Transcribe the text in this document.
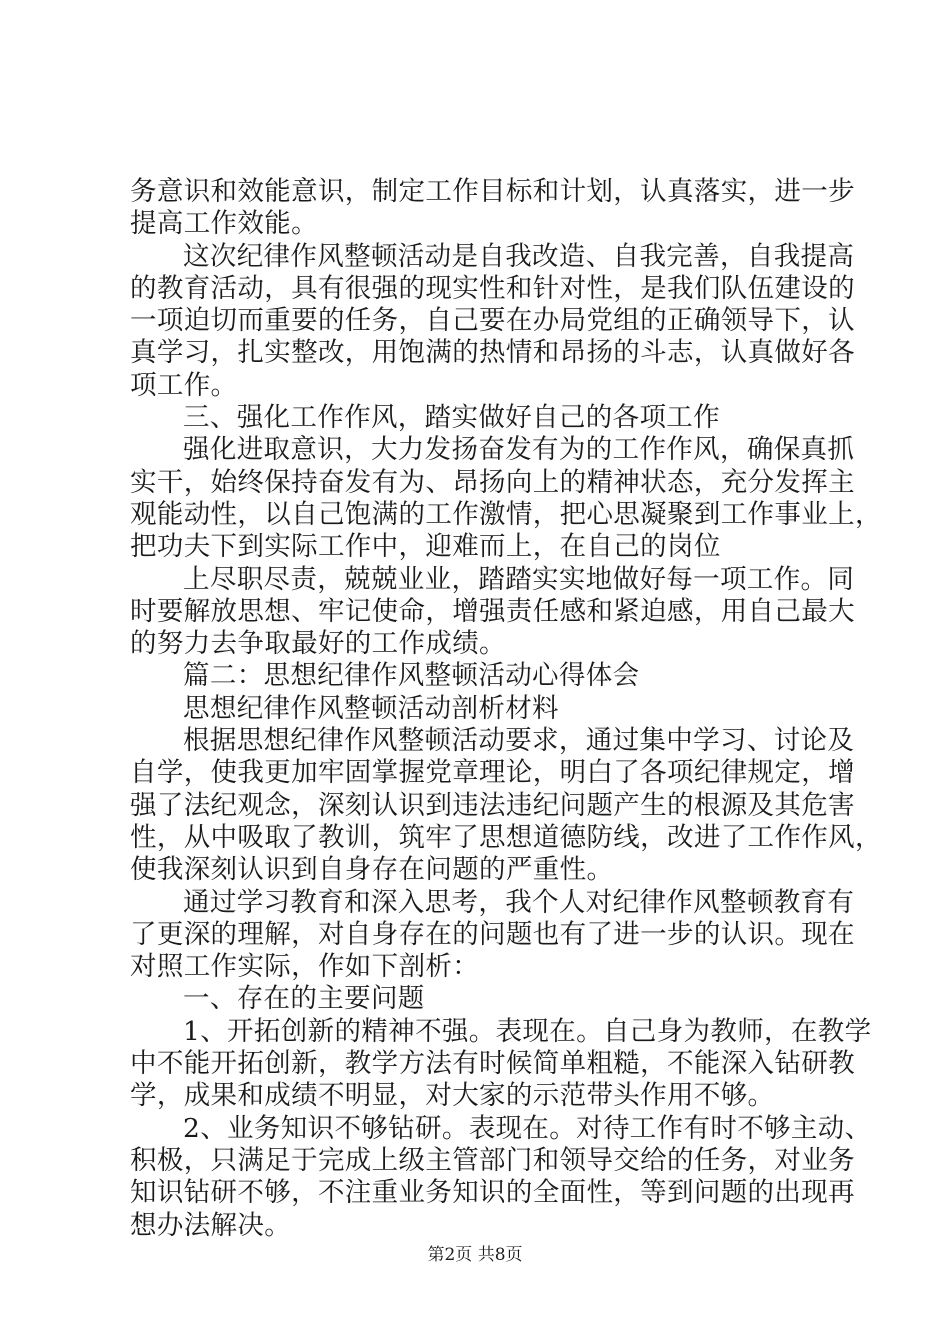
务意识和效能意识，制定工作目标和计划，认真落实，进一步
提高工作效能。
这次纪律作风整顿活动是自我改造、自我完善，自我提高
的教育活动，具有很强的现实性和针对性，是我们队伍建设的
一项迫切而重要的任务，自己要在办局党组的正确领导下，认
真学习，扎实整改，用饱满的热情和昂扬的斗志，认真做好各
项工作。
三、强化工作作风，踏实做好自己的各项工作
强化进取意识，大力发扬奋发有为的工作作风，确保真抓
实干，始终保持奋发有为、昂扬向上的精神状态，充分发挥主
观能动性，以自己饱满的工作激情，把心思凝聚到工作事业上，
把功夫下到实际工作中，迎难而上，在自己的岗位
上尽职尽责，兢兢业业，踏踏实实地做好每一项工作。同
时要解放思想、牢记使命，增强责任感和紧迫感，用自己最大
的努力去争取最好的工作成绩。
篇二：思想纪律作风整顿活动心得体会
思想纪律作风整顿活动剖析材料
根据思想纪律作风整顿活动要求，通过集中学习、讨论及
自学，使我更加牢固掌握党章理论，明白了各项纪律规定，增
强了法纪观念，深刻认识到违法违纪问题产生的根源及其危害
性，从中吸取了教训，筑牢了思想道德防线，改进了工作作风，
使我深刻认识到自身存在问题的严重性。
通过学习教育和深入思考，我个人对纪律作风整顿教育有
了更深的理解，对自身存在的问题也有了进一步的认识。现在
对照工作实际，作如下剖析：
一、存在的主要问题
1、开拓创新的精神不强。表现在。自己身为教师，在教学
中不能开拓创新，教学方法有时候简单粗糙，不能深入钻研教
学，成果和成绩不明显，对大家的示范带头作用不够。
2、业务知识不够钻研。表现在。对待工作有时不够主动、
积极，只满足于完成上级主管部门和领导交给的任务，对业务
知识钻研不够，不注重业务知识的全面性，等到问题的出现再
想办法解决。
第2页 共8页
